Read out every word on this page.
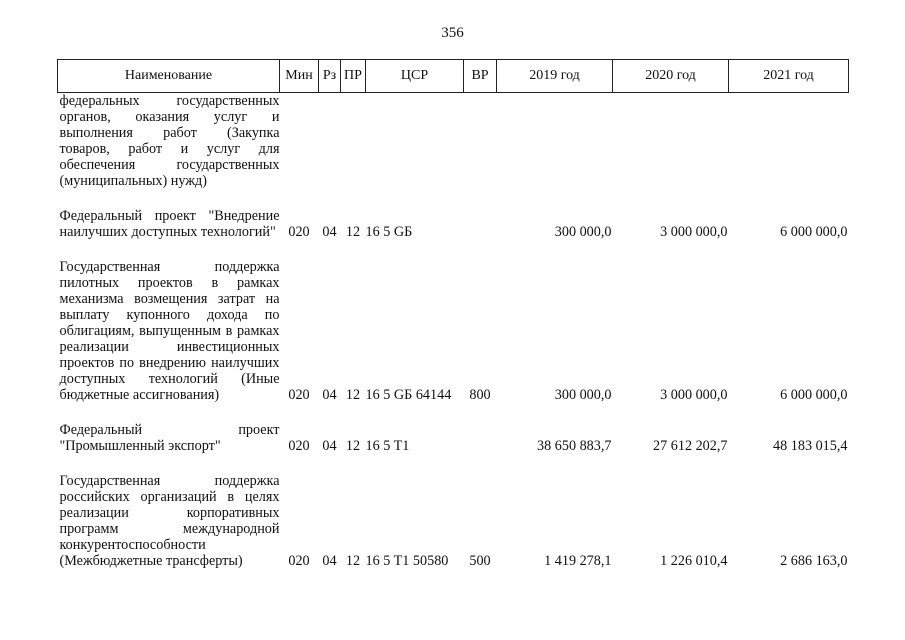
356
Наименование	Мин	Рз	ПР	ЦСР	ВР	2019 год	2020 год	2021 год
федеральных государственных органов, оказания услуг и выполнения работ (Закупка товаров, работ и услуг для обеспечения государственных (муниципальных) нужд)								

Федеральный проект "Внедрение наилучших доступных технологий"	020	04	12	16 5 GБ		300 000,0	3 000 000,0	6 000 000,0

Государственная поддержка пилотных проектов в рамках механизма возмещения затрат на выплату купонного дохода по облигациям, выпущенным в рамках реализации инвестиционных проектов по внедрению наилучших доступных технологий (Иные бюджетные ассигнования)	020	04	12	16 5 GБ 64144	800	300 000,0	3 000 000,0	6 000 000,0

Федеральный проект "Промышленный экспорт"	020	04	12	16 5 T1		38 650 883,7	27 612 202,7	48 183 015,4

Государственная поддержка российских организаций в целях реализации корпоративных программ международной конкурентоспособности (Межбюджетные трансферты)	020	04	12	16 5 T1 50580	500	1 419 278,1	1 226 010,4	2 686 163,0
